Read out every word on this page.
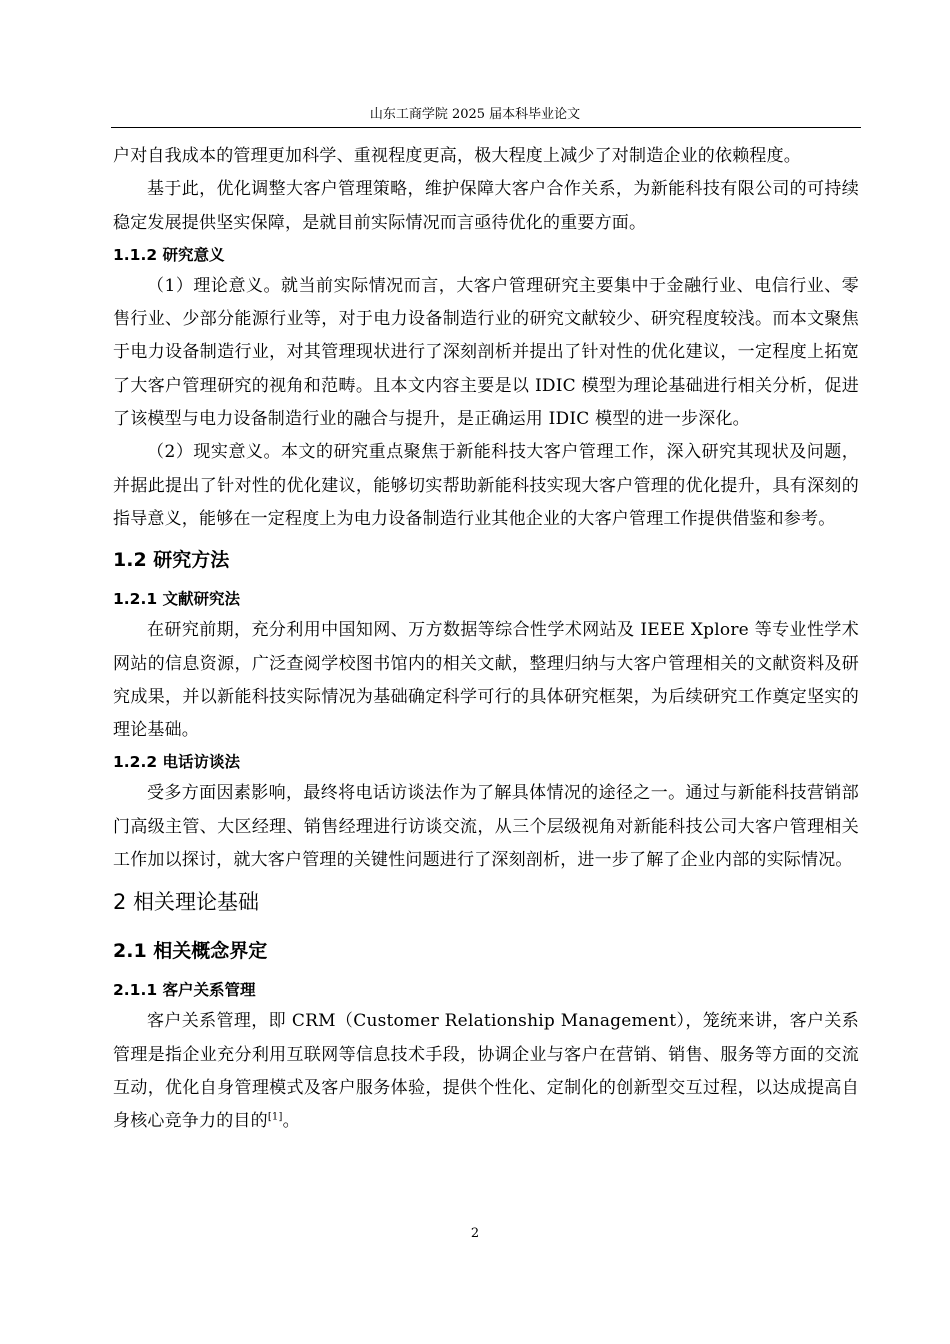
山东工商学院 2025 届本科毕业论文

户对自我成本的管理更加科学、重视程度更高，极大程度上减少了对制造企业的依赖程度。

基于此，优化调整大客户管理策略，维护保障大客户合作关系，为新能科技有限公司的可持续稳定发展提供坚实保障，是就目前实际情况而言亟待优化的重要方面。

1.1.2 研究意义

（1）理论意义。就当前实际情况而言，大客户管理研究主要集中于金融行业、电信行业、零售行业、少部分能源行业等，对于电力设备制造行业的研究文献较少、研究程度较浅。而本文聚焦于电力设备制造行业，对其管理现状进行了深刻剖析并提出了针对性的优化建议，一定程度上拓宽了大客户管理研究的视角和范畴。且本文内容主要是以 IDIC 模型为理论基础进行相关分析，促进了该模型与电力设备制造行业的融合与提升，是正确运用 IDIC 模型的进一步深化。

（2）现实意义。本文的研究重点聚焦于新能科技大客户管理工作，深入研究其现状及问题，并据此提出了针对性的优化建议，能够切实帮助新能科技实现大客户管理的优化提升，具有深刻的指导意义，能够在一定程度上为电力设备制造行业其他企业的大客户管理工作提供借鉴和参考。

1.2 研究方法
1.2.1 文献研究法

在研究前期，充分利用中国知网、万方数据等综合性学术网站及 IEEE Xplore 等专业性学术网站的信息资源，广泛查阅学校图书馆内的相关文献，整理归纳与大客户管理相关的文献资料及研究成果，并以新能科技实际情况为基础确定科学可行的具体研究框架，为后续研究工作奠定坚实的理论基础。

1.2.2 电话访谈法

受多方面因素影响，最终将电话访谈法作为了解具体情况的途径之一。通过与新能科技营销部门高级主管、大区经理、销售经理进行访谈交流，从三个层级视角对新能科技公司大客户管理相关工作加以探讨，就大客户管理的关键性问题进行了深刻剖析，进一步了解了企业内部的实际情况。

2 相关理论基础
2.1 相关概念界定
2.1.1 客户关系管理

客户关系管理，即 CRM（Customer Relationship Management），笼统来讲，客户关系管理是指企业充分利用互联网等信息技术手段，协调企业与客户在营销、销售、服务等方面的交流互动，优化自身管理模式及客户服务体验，提供个性化、定制化的创新型交互过程，以达成提高自身核心竞争力的目的[1]。

2
